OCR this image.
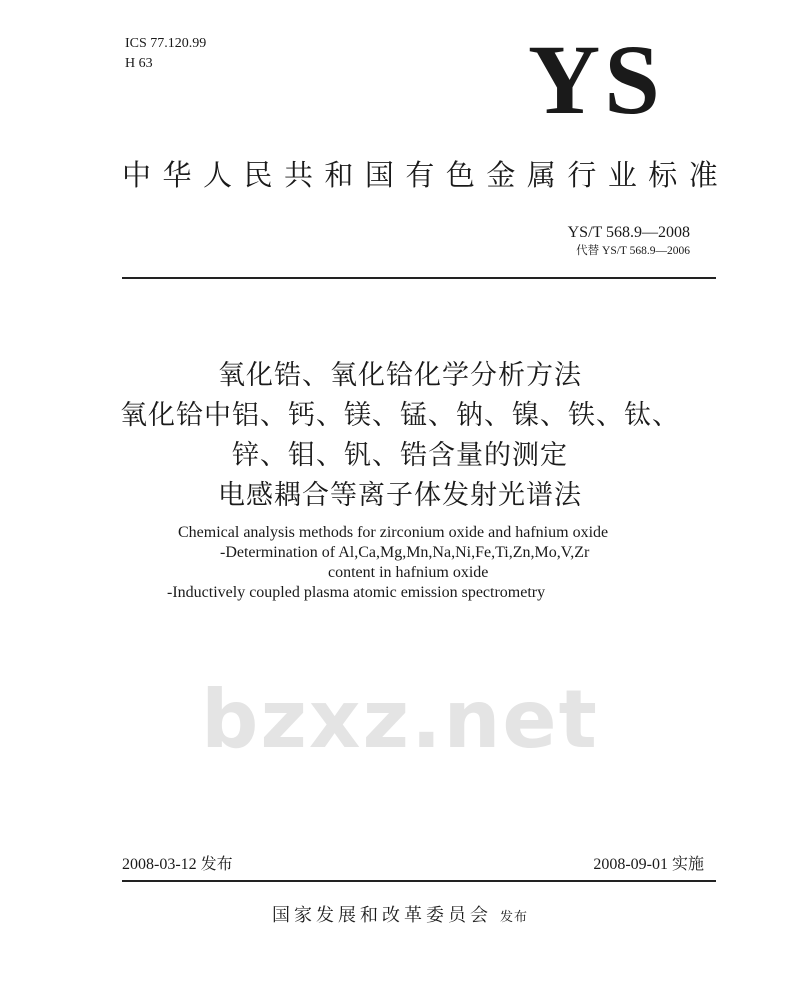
bzxz.net
ICS 77.120.99
H 63	YS
中 华 人 民 共 和 国 有 色 金 属 行 业 标 准
YS/T 568.9—2008
代替 YS/T 568.9—2006
氧化锆、氧化铪化学分析方法
氧化铪中铝、钙、镁、锰、钠、镍、铁、钛、
锌、钼、钒、锆含量的测定
电感耦合等离子体发射光谱法
Chemical analysis methods for zirconium oxide and hafnium oxide
-Determination of Al,Ca,Mg,Mn,Na,Ni,Fe,Ti,Zn,Mo,V,Zr
content in hafnium oxide
-Inductively coupled plasma atomic emission spectrometry
2008-03-12 发布	2008-09-01 实施
国家发展和改革委员会 发布
